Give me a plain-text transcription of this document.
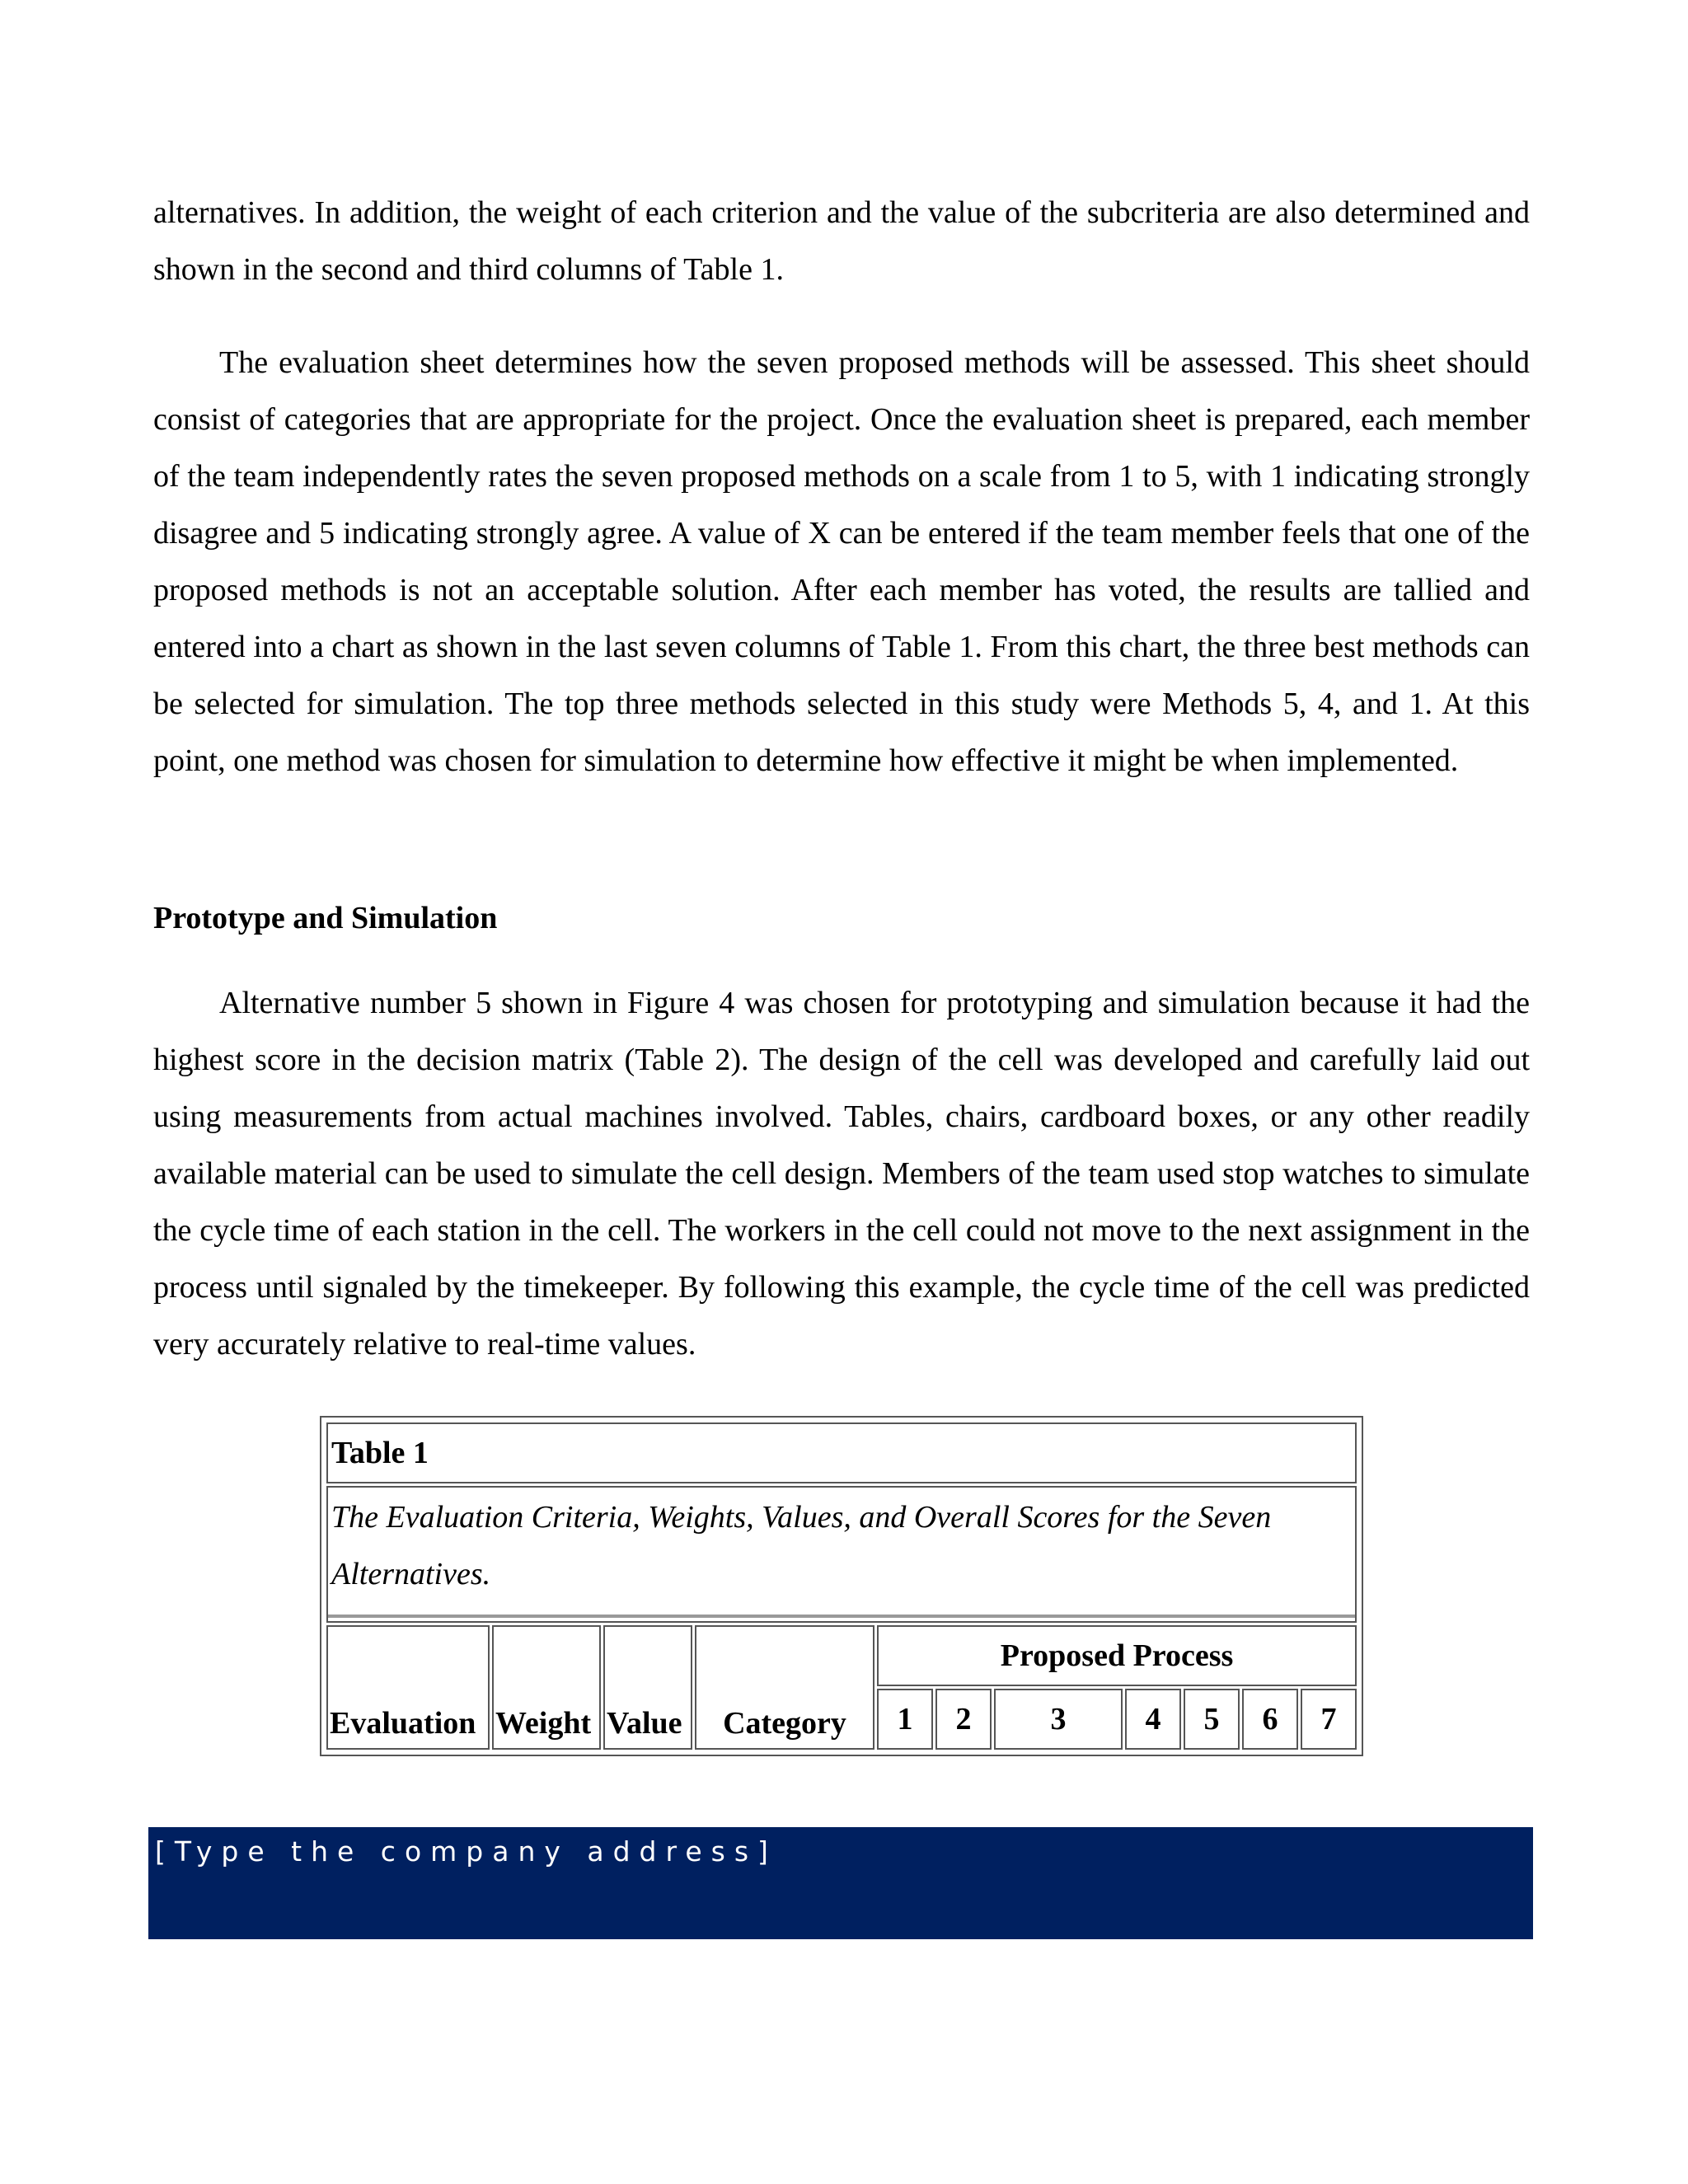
alternatives. In addition, the weight of each criterion and the value of the subcriteria are also determined and shown in the second and third columns of Table 1.
The evaluation sheet determines how the seven proposed methods will be assessed. This sheet should consist of categories that are appropriate for the project. Once the evaluation sheet is prepared, each member of the team independently rates the seven proposed methods on a scale from 1 to 5, with 1 indicating strongly disagree and 5 indicating strongly agree. A value of X can be entered if the team member feels that one of the proposed methods is not an acceptable solution. After each member has voted, the results are tallied and entered into a chart as shown in the last seven columns of Table 1. From this chart, the three best methods can be selected for simulation. The top three methods selected in this study were Methods 5, 4, and 1. At this point, one method was chosen for simulation to determine how effective it might be when implemented.
Prototype and Simulation
Alternative number 5 shown in Figure 4 was chosen for prototyping and simulation because it had the highest score in the decision matrix (Table 2). The design of the cell was developed and carefully laid out using measurements from actual machines involved. Tables, chairs, cardboard boxes, or any other readily available material can be used to simulate the cell design. Members of the team used stop watches to simulate the cycle time of each station in the cell. The workers in the cell could not move to the next assignment in the process until signaled by the timekeeper. By following this example, the cycle time of the cell was predicted very accurately relative to real-time values.
Table 1										

The Evaluation Criteria, Weights, Values, and Overall Scores for the Seven Alternatives.										

Evaluation	Weight	Value	Category	Proposed Process						
				1	2	3	4	5	6	7
[Type the company address]
